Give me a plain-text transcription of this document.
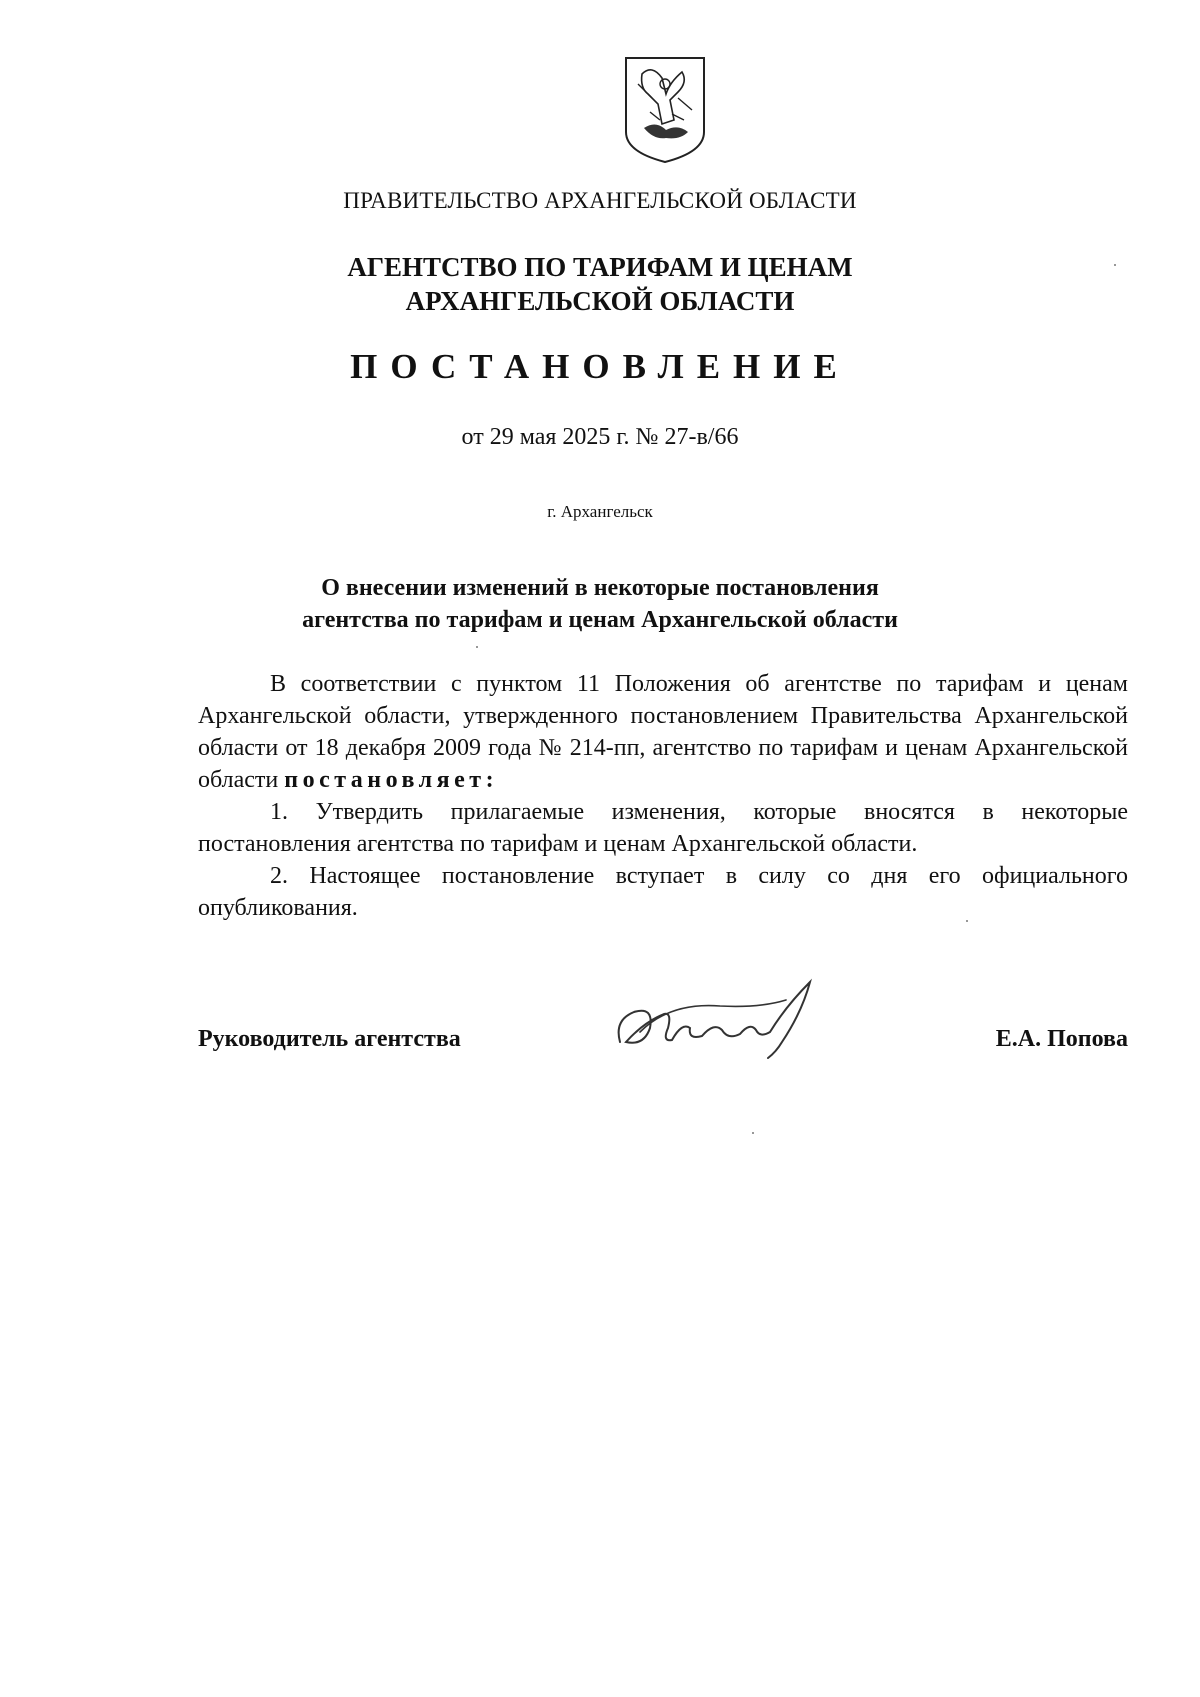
ПРАВИТЕЛЬСТВО АРХАНГЕЛЬСКОЙ ОБЛАСТИ
АГЕНТСТВО ПО ТАРИФАМ И ЦЕНАМ
АРХАНГЕЛЬСКОЙ ОБЛАСТИ
ПОСТАНОВЛЕНИЕ
от 29 мая 2025 г. № 27-в/66
г. Архангельск
О внесении изменений в некоторые постановления
агентства по тарифам и ценам Архангельской области

В соответствии с пунктом 11 Положения об агентстве по тарифам и ценам Архангельской области, утвержденного постановлением Правительства Архангельской области от 18 декабря 2009 года № 214-пп, агентство по тарифам и ценам Архангельской области постановляет:

1. Утвердить прилагаемые изменения, которые вносятся в некоторые постановления агентства по тарифам и ценам Архангельской области.

2. Настоящее постановление вступает в силу со дня его официального опубликования.

Руководитель агентства	Е.А. Попова
